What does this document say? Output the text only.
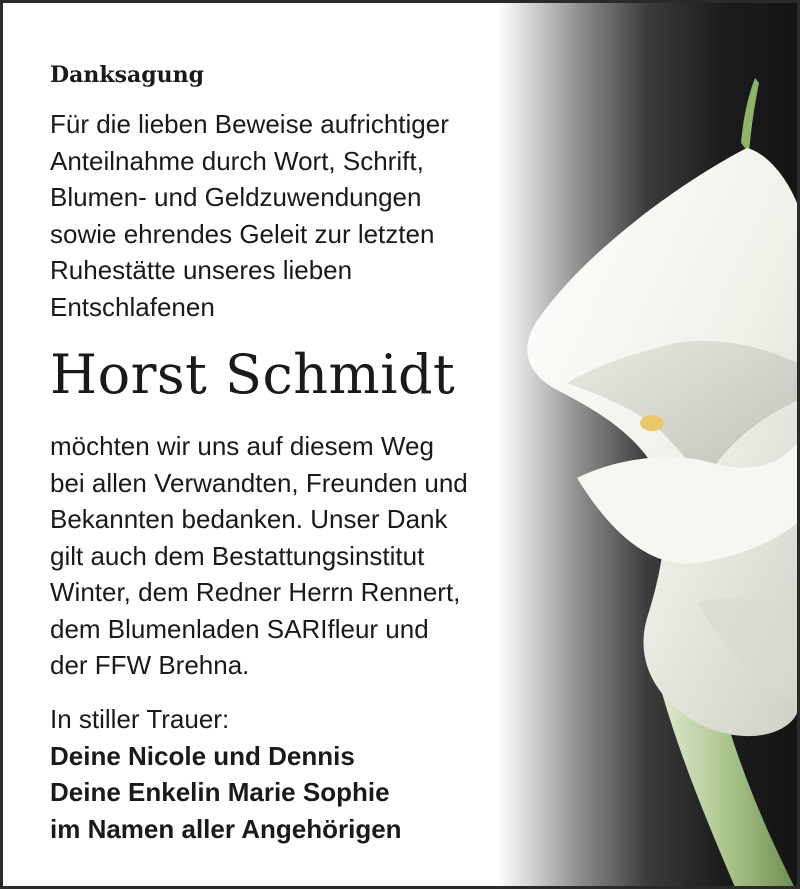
Danksagung

Für die lieben Beweise aufrichtiger
Anteilnahme durch Wort, Schrift,
Blumen- und Geldzuwendungen
sowie ehrendes Geleit zur letzten
Ruhestätte unseres lieben
Entschlafenen

Horst Schmidt

möchten wir uns auf diesem Weg
bei allen Verwandten, Freunden und
Bekannten bedanken. Unser Dank
gilt auch dem Bestattungsinstitut
Winter, dem Redner Herrn Rennert,
dem Blumenladen SARIfleur und
der FFW Brehna.

In stiller Trauer:
Deine Nicole und Dennis
Deine Enkelin Marie Sophie
im Namen aller Angehörigen
